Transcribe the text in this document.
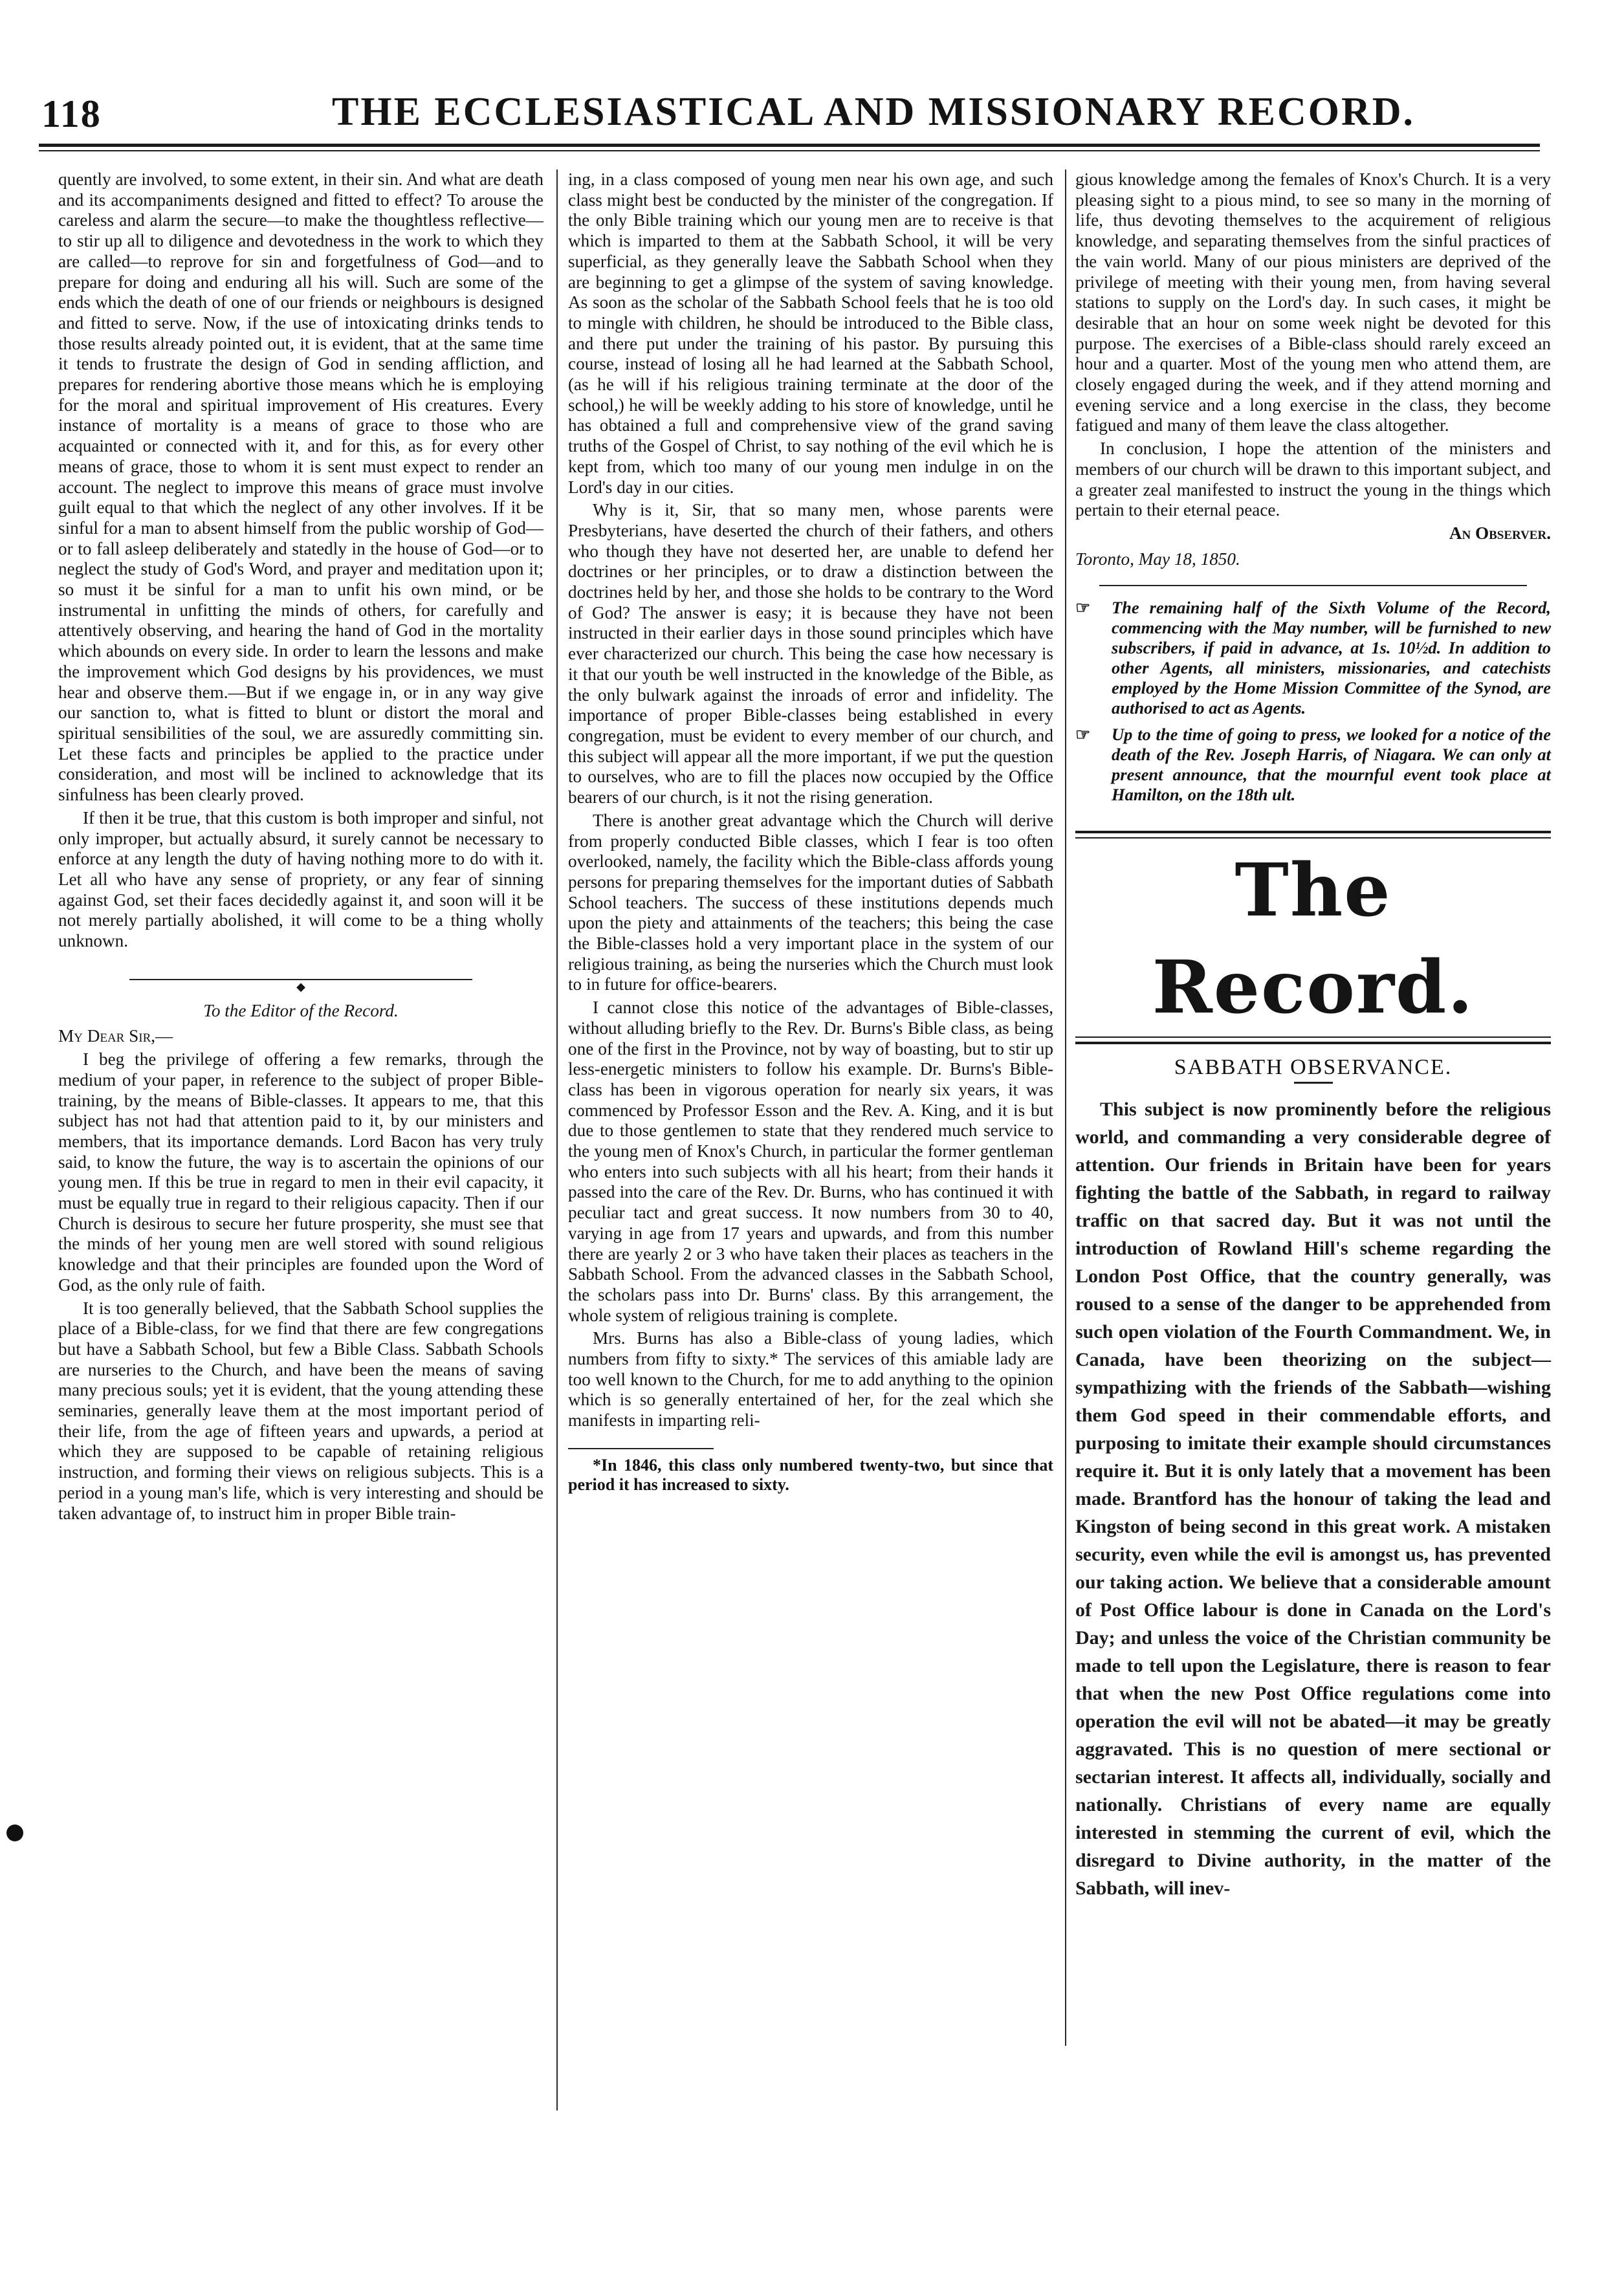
118	THE ECCLESIASTICAL AND MISSIONARY RECORD.

quently are involved, to some extent, in their sin. And what are death and its accompaniments designed and fitted to effect? To arouse the careless and alarm the secure—to make the thoughtless reflective—to stir up all to diligence and devotedness in the work to which they are called—to reprove for sin and forgetfulness of God—and to prepare for doing and enduring all his will. Such are some of the ends which the death of one of our friends or neighbours is designed and fitted to serve. Now, if the use of intoxicating drinks tends to those results already pointed out, it is evident, that at the same time it tends to frustrate the design of God in sending affliction, and prepares for rendering abortive those means which he is employing for the moral and spiritual improvement of His creatures. Every instance of mortality is a means of grace to those who are acquainted or connected with it, and for this, as for every other means of grace, those to whom it is sent must expect to render an account. The neglect to improve this means of grace must involve guilt equal to that which the neglect of any other involves. If it be sinful for a man to absent himself from the public worship of God—or to fall asleep deliberately and statedly in the house of God—or to neglect the study of God's Word, and prayer and meditation upon it; so must it be sinful for a man to unfit his own mind, or be instrumental in unfitting the minds of others, for carefully and attentively observing, and hearing the hand of God in the mortality which abounds on every side. In order to learn the lessons and make the improvement which God designs by his providences, we must hear and observe them.—But if we engage in, or in any way give our sanction to, what is fitted to blunt or distort the moral and spiritual sensibilities of the soul, we are assuredly committing sin. Let these facts and principles be applied to the practice under consideration, and most will be inclined to acknowledge that its sinfulness has been clearly proved.

If then it be true, that this custom is both improper and sinful, not only improper, but actually absurd, it surely cannot be necessary to enforce at any length the duty of having nothing more to do with it. Let all who have any sense of propriety, or any fear of sinning against God, set their faces decidedly against it, and soon will it be not merely partially abolished, it will come to be a thing wholly unknown.

◆
To the Editor of the Record.

My Dear Sir,—

I beg the privilege of offering a few remarks, through the medium of your paper, in reference to the subject of proper Bible-training, by the means of Bible-classes. It appears to me, that this subject has not had that attention paid to it, by our ministers and members, that its importance demands. Lord Bacon has very truly said, to know the future, the way is to ascertain the opinions of our young men. If this be true in regard to men in their evil capacity, it must be equally true in regard to their religious capacity. Then if our Church is desirous to secure her future prosperity, she must see that the minds of her young men are well stored with sound religious knowledge and that their principles are founded upon the Word of God, as the only rule of faith.

It is too generally believed, that the Sabbath School supplies the place of a Bible-class, for we find that there are few congregations but have a Sabbath School, but few a Bible Class. Sabbath Schools are nurseries to the Church, and have been the means of saving many precious souls; yet it is evident, that the young attending these seminaries, generally leave them at the most important period of their life, from the age of fifteen years and upwards, a period at which they are supposed to be capable of retaining religious instruction, and forming their views on religious subjects. This is a period in a young man's life, which is very interesting and should be taken advantage of, to instruct him in proper Bible train-

ing, in a class composed of young men near his own age, and such class might best be conducted by the minister of the congregation. If the only Bible training which our young men are to receive is that which is imparted to them at the Sabbath School, it will be very superficial, as they generally leave the Sabbath School when they are beginning to get a glimpse of the system of saving knowledge. As soon as the scholar of the Sabbath School feels that he is too old to mingle with children, he should be introduced to the Bible class, and there put under the training of his pastor. By pursuing this course, instead of losing all he had learned at the Sabbath School, (as he will if his religious training terminate at the door of the school,) he will be weekly adding to his store of knowledge, until he has obtained a full and comprehensive view of the grand saving truths of the Gospel of Christ, to say nothing of the evil which he is kept from, which too many of our young men indulge in on the Lord's day in our cities.

Why is it, Sir, that so many men, whose parents were Presbyterians, have deserted the church of their fathers, and others who though they have not deserted her, are unable to defend her doctrines or her principles, or to draw a distinction between the doctrines held by her, and those she holds to be contrary to the Word of God? The answer is easy; it is because they have not been instructed in their earlier days in those sound principles which have ever characterized our church. This being the case how necessary is it that our youth be well instructed in the knowledge of the Bible, as the only bulwark against the inroads of error and infidelity. The importance of proper Bible-classes being established in every congregation, must be evident to every member of our church, and this subject will appear all the more important, if we put the question to ourselves, who are to fill the places now occupied by the Office bearers of our church, is it not the rising generation.

There is another great advantage which the Church will derive from properly conducted Bible classes, which I fear is too often overlooked, namely, the facility which the Bible-class affords young persons for preparing themselves for the important duties of Sabbath School teachers. The success of these institutions depends much upon the piety and attainments of the teachers; this being the case the Bible-classes hold a very important place in the system of our religious training, as being the nurseries which the Church must look to in future for office-bearers.

I cannot close this notice of the advantages of Bible-classes, without alluding briefly to the Rev. Dr. Burns's Bible class, as being one of the first in the Province, not by way of boasting, but to stir up less-energetic ministers to follow his example. Dr. Burns's Bible-class has been in vigorous operation for nearly six years, it was commenced by Professor Esson and the Rev. A. King, and it is but due to those gentlemen to state that they rendered much service to the young men of Knox's Church, in particular the former gentleman who enters into such subjects with all his heart; from their hands it passed into the care of the Rev. Dr. Burns, who has continued it with peculiar tact and great success. It now numbers from 30 to 40, varying in age from 17 years and upwards, and from this number there are yearly 2 or 3 who have taken their places as teachers in the Sabbath School. From the advanced classes in the Sabbath School, the scholars pass into Dr. Burns' class. By this arrangement, the whole system of religious training is complete.

Mrs. Burns has also a Bible-class of young ladies, which numbers from fifty to sixty.* The services of this amiable lady are too well known to the Church, for me to add anything to the opinion which is so generally entertained of her, for the zeal which she manifests in imparting reli-

*In 1846, this class only numbered twenty-two, but since that period it has increased to sixty.

gious knowledge among the females of Knox's Church. It is a very pleasing sight to a pious mind, to see so many in the morning of life, thus devoting themselves to the acquirement of religious knowledge, and separating themselves from the sinful practices of the vain world. Many of our pious ministers are deprived of the privilege of meeting with their young men, from having several stations to supply on the Lord's day. In such cases, it might be desirable that an hour on some week night be devoted for this purpose. The exercises of a Bible-class should rarely exceed an hour and a quarter. Most of the young men who attend them, are closely engaged during the week, and if they attend morning and evening service and a long exercise in the class, they become fatigued and many of them leave the class altogether.

In conclusion, I hope the attention of the ministers and members of our church will be drawn to this important subject, and a greater zeal manifested to instruct the young in the things which pertain to their eternal peace.

An Observer.

Toronto, May 18, 1850.

☞ The remaining half of the Sixth Volume of the Record, commencing with the May number, will be furnished to new subscribers, if paid in advance, at 1s. 10½d. In addition to other Agents, all ministers, missionaries, and catechists employed by the Home Mission Committee of the Synod, are authorised to act as Agents.

☞ Up to the time of going to press, we looked for a notice of the death of the Rev. Joseph Harris, of Niagara. We can only at present announce, that the mournful event took place at Hamilton, on the 18th ult.

The Record.
SABBATH OBSERVANCE.

This subject is now prominently before the religious world, and commanding a very considerable degree of attention. Our friends in Britain have been for years fighting the battle of the Sabbath, in regard to railway traffic on that sacred day. But it was not until the introduction of Rowland Hill's scheme regarding the London Post Office, that the country generally, was roused to a sense of the danger to be apprehended from such open violation of the Fourth Commandment. We, in Canada, have been theorizing on the subject—sympathizing with the friends of the Sabbath—wishing them God speed in their commendable efforts, and purposing to imitate their example should circumstances require it. But it is only lately that a movement has been made. Brantford has the honour of taking the lead and Kingston of being second in this great work. A mistaken security, even while the evil is amongst us, has prevented our taking action. We believe that a considerable amount of Post Office labour is done in Canada on the Lord's Day; and unless the voice of the Christian community be made to tell upon the Legislature, there is reason to fear that when the new Post Office regulations come into operation the evil will not be abated—it may be greatly aggravated. This is no question of mere sectional or sectarian interest. It affects all, individually, socially and nationally. Christians of every name are equally interested in stemming the current of evil, which the disregard to Divine authority, in the matter of the Sabbath, will inev-
